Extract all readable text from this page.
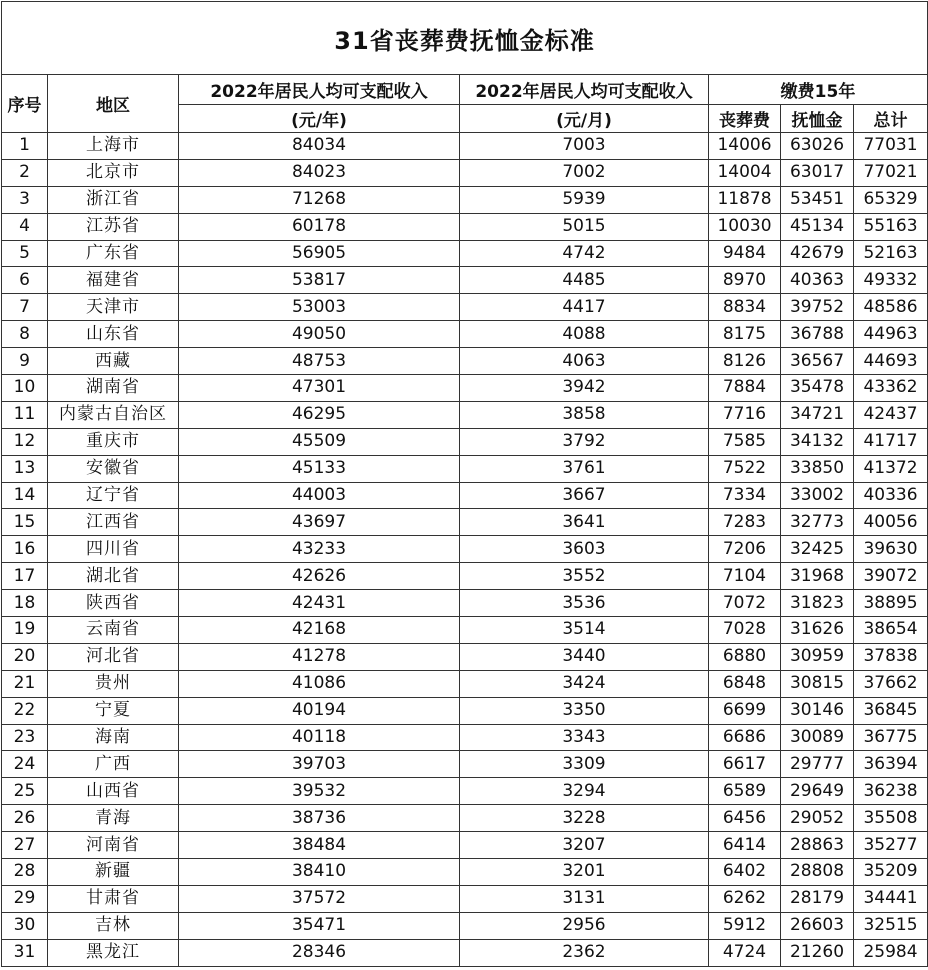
31省丧葬费抚恤金标准						
序号	地区	2022年居民人均可支配收入	2022年居民人均可支配收入	缴费15年		
		(元/年)	(元/月)	丧葬费	抚恤金	总计
1	上海市	84034	7003	14006	63026	77031
2	北京市	84023	7002	14004	63017	77021
3	浙江省	71268	5939	11878	53451	65329
4	江苏省	60178	5015	10030	45134	55163
5	广东省	56905	4742	9484	42679	52163
6	福建省	53817	4485	8970	40363	49332
7	天津市	53003	4417	8834	39752	48586
8	山东省	49050	4088	8175	36788	44963
9	西藏	48753	4063	8126	36567	44693
10	湖南省	47301	3942	7884	35478	43362
11	内蒙古自治区	46295	3858	7716	34721	42437
12	重庆市	45509	3792	7585	34132	41717
13	安徽省	45133	3761	7522	33850	41372
14	辽宁省	44003	3667	7334	33002	40336
15	江西省	43697	3641	7283	32773	40056
16	四川省	43233	3603	7206	32425	39630
17	湖北省	42626	3552	7104	31968	39072
18	陕西省	42431	3536	7072	31823	38895
19	云南省	42168	3514	7028	31626	38654
20	河北省	41278	3440	6880	30959	37838
21	贵州	41086	3424	6848	30815	37662
22	宁夏	40194	3350	6699	30146	36845
23	海南	40118	3343	6686	30089	36775
24	广西	39703	3309	6617	29777	36394
25	山西省	39532	3294	6589	29649	36238
26	青海	38736	3228	6456	29052	35508
27	河南省	38484	3207	6414	28863	35277
28	新疆	38410	3201	6402	28808	35209
29	甘肃省	37572	3131	6262	28179	34441
30	吉林	35471	2956	5912	26603	32515
31	黑龙江	28346	2362	4724	21260	25984
